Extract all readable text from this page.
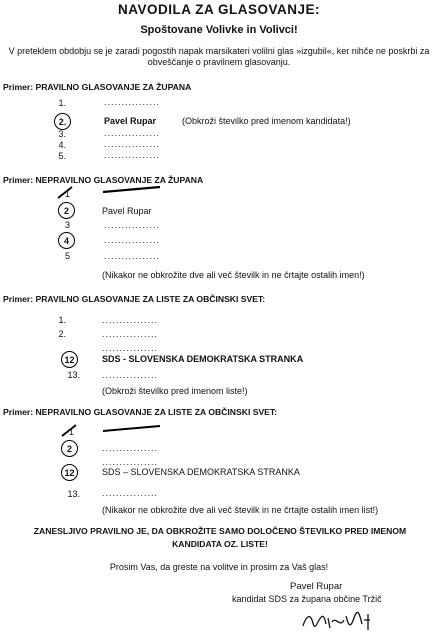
NAVODILA ZA GLASOVANJE:
Spoštovane Volivke in Volivci!
V preteklem obdobju se je zaradi pogostih napak marsikateri volilni glas »izgubil«, ker nihče ne poskrbi za obveščanje o pravilnem glasovanju.
Primer: PRAVILNO GLASOVANJE ZA ŽUPANA
1.	................
2.	Pavel Rupar	(Obkroži številko pred imenom kandidata!)
3.	................
4.	................
5.	................
Primer: NEPRAVILNO GLASOVANJE ZA ŽUPANA
1
2	Pavel Rupar
3	................
4	................
5	................
(Nikakor ne obkrožite dve ali več številk in ne črtajte ostalih imen!)
Primer: PRAVILNO GLASOVANJE ZA LISTE ZA OBČINSKI SVET:
1.	................
2.	................
................
12	SDS - SLOVENSKA DEMOKRATSKA STRANKA
13. ................
(Obkroži številko pred imenom liste!)
Primer: NEPRAVILNO GLASOVANJE ZA LISTE ZA OBČINSKI SVET:
1
2	................
................
12	SDS – SLOVENSKA DEMOKRATSKA STRANKA
13. ................
(Nikakor ne obkrožite dve ali več številk in ne črtajte ostalih imen list!)
ZANESLJIVO PRAVILNO JE, DA OBKROŽITE SAMO DOLOČENO ŠTEVILKO PRED IMENOM KANDIDATA OZ. LISTE!
Prosim Vas, da greste na volitve in prosim za Vaš glas!
Pavel Rupar
kandidat SDS za župana občine Tržič
